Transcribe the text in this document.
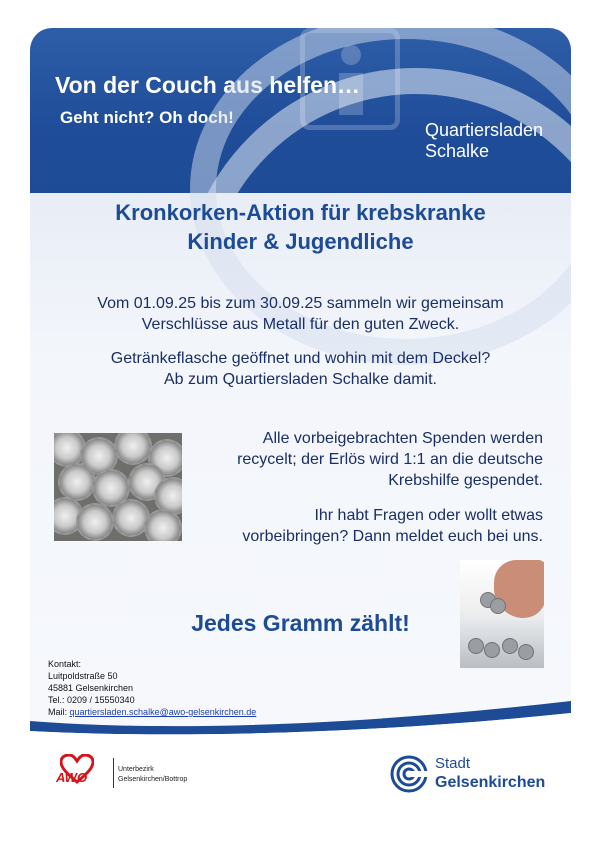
Von der Couch aus helfen…
Geht nicht? Oh doch!
Quartiersladen
Schalke
Kronkorken-Aktion für krebskranke
Kinder & Jugendliche
Vom 01.09.25 bis zum 30.09.25 sammeln wir gemeinsam
Verschlüsse aus Metall für den guten Zweck.
Getränkeflasche geöffnet und wohin mit dem Deckel?
Ab zum Quartiersladen Schalke damit.
Alle vorbeigebrachten Spenden werden
recycelt; der Erlös wird 1:1 an die deutsche
Krebshilfe gespendet.
Ihr habt Fragen oder wollt etwas
vorbeibringen? Dann meldet euch bei uns.
Jedes Gramm zählt!
Kontakt:
Luitpoldstraße 50
45881 Gelsenkirchen
Tel.: 0209 / 15550340
Mail: quartiersladen.schalke@awo-gelsenkirchen.de
AWO
Unterbezirk
Gelsenkirchen/Bottrop
Stadt
Gelsenkirchen
